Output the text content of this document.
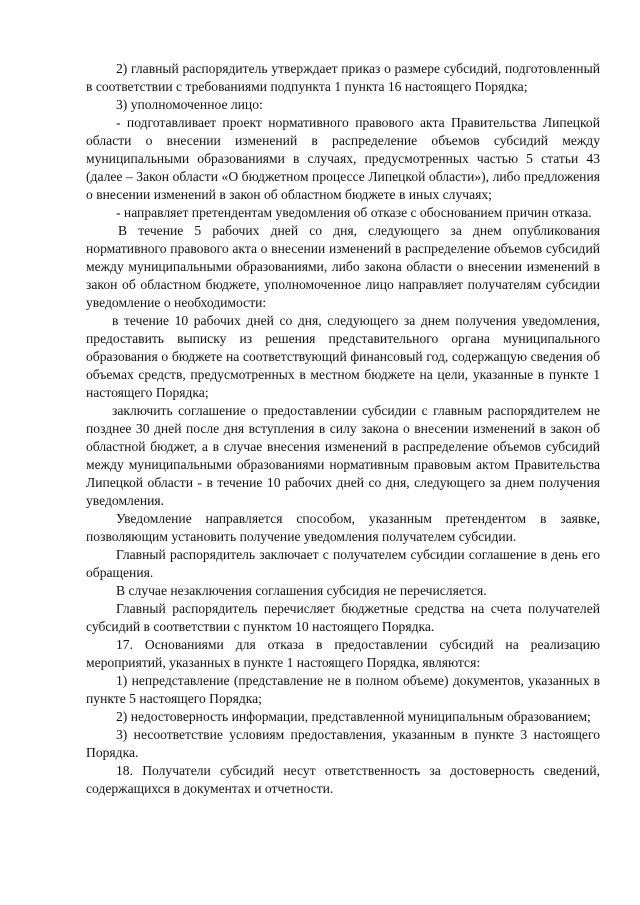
2) главный распорядитель утверждает приказ о размере субсидий, подготовленный в соответствии с требованиями подпункта 1 пункта 16 настоящего Порядка;

3) уполномоченное лицо:

- подготавливает проект нормативного правового акта Правительства Липецкой области о внесении изменений в распределение объемов субсидий между муниципальными образованиями в случаях, предусмотренных частью 5 статьи 43 (далее – Закон области «О бюджетном процессе Липецкой области»), либо предложения о внесении изменений в закон об областном бюджете в иных случаях;

- направляет претендентам уведомления об отказе с обоснованием причин отказа.

В течение 5 рабочих дней со дня, следующего за днем опубликования нормативного правового акта о внесении изменений в распределение объемов субсидий между муниципальными образованиями, либо закона области о внесении изменений в закон об областном бюджете, уполномоченное лицо направляет получателям субсидии уведомление о необходимости:

в течение 10 рабочих дней со дня, следующего за днем получения уведомления, предоставить выписку из решения представительного органа муниципального образования о бюджете на соответствующий финансовый год, содержащую сведения об объемах средств, предусмотренных в местном бюджете на цели, указанные в пункте 1 настоящего Порядка;

заключить соглашение о предоставлении субсидии с главным распорядителем не позднее 30 дней после дня вступления в силу закона о внесении изменений в закон об областной бюджет, а в случае внесения изменений в распределение объемов субсидий между муниципальными образованиями нормативным правовым актом Правительства Липецкой области - в течение 10 рабочих дней со дня, следующего за днем получения уведомления.

Уведомление направляется способом, указанным претендентом в заявке, позволяющим установить получение уведомления получателем субсидии.

Главный распорядитель заключает с получателем субсидии соглашение в день его обращения.

В случае незаключения соглашения субсидия не перечисляется.

Главный распорядитель перечисляет бюджетные средства на счета получателей субсидий в соответствии с пунктом 10 настоящего Порядка.

17. Основаниями для отказа в предоставлении субсидий на реализацию мероприятий, указанных в пункте 1 настоящего Порядка, являются:

1) непредставление (представление не в полном объеме) документов, указанных в пункте 5 настоящего Порядка;

2) недостоверность информации, представленной муниципальным образованием;

3) несоответствие условиям предоставления, указанным в пункте 3 настоящего Порядка.

18. Получатели субсидий несут ответственность за достоверность сведений, содержащихся в документах и отчетности.
